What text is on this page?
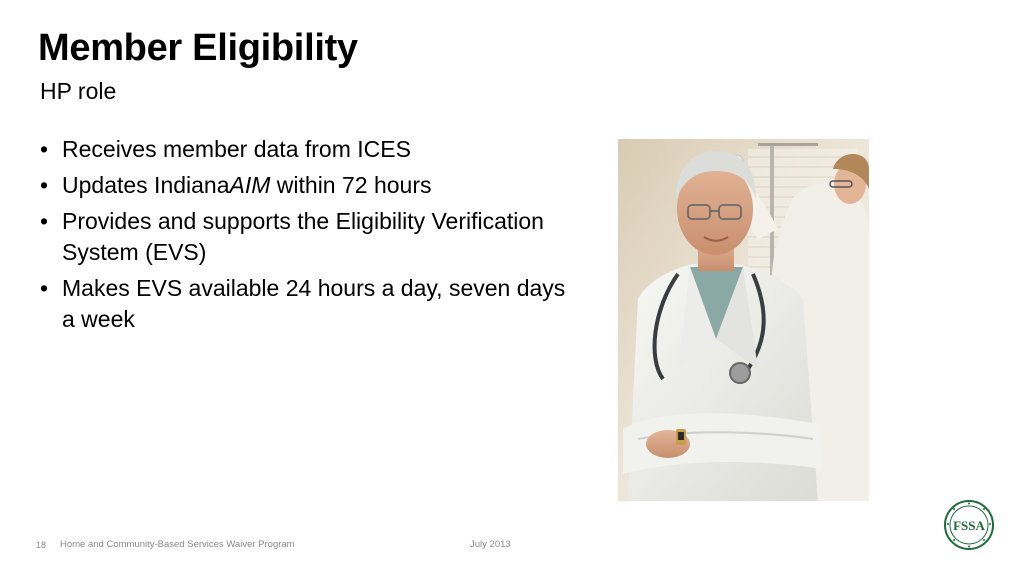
Member Eligibility
HP role
• Receives member data from ICES
• Updates IndianaAIM within 72 hours
• Provides and supports the Eligibility Verification System (EVS)
• Makes EVS available 24 hours a day, seven days a week
18 Home and Community-Based Services Waiver Program	July 2013
FSSA
